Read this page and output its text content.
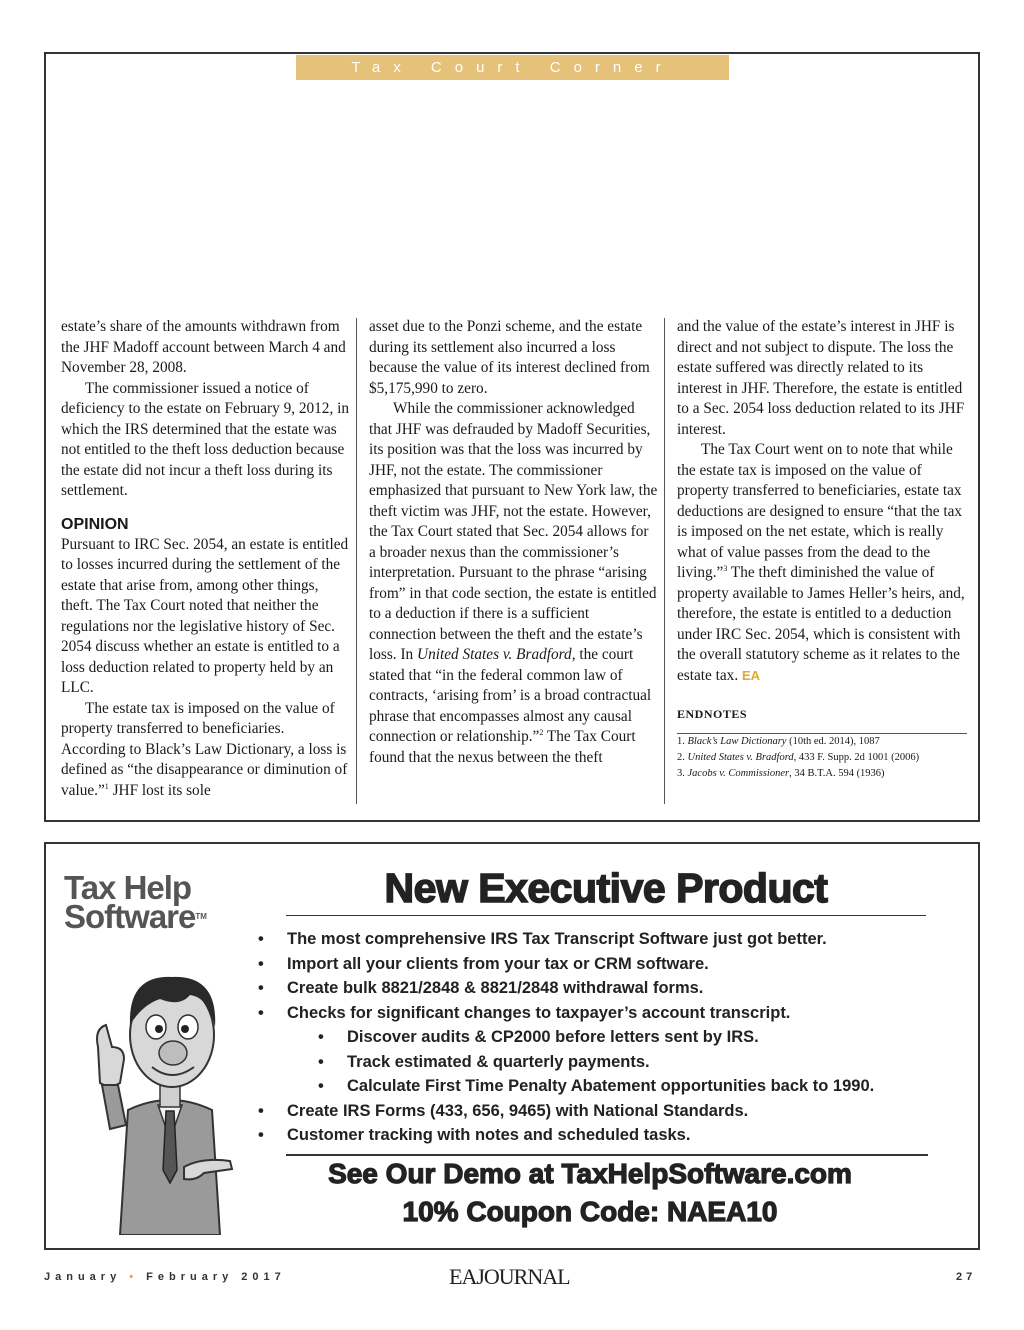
Tax Court Corner

estate’s share of the amounts withdrawn from the JHF Madoff account between March 4 and November 28, 2008.

The commissioner issued a notice of deficiency to the estate on February 9, 2012, in which the IRS determined that the estate was not entitled to the theft loss deduction because the estate did not incur a theft loss during its settlement.

OPINION

Pursuant to IRC Sec. 2054, an estate is entitled to losses incurred during the settlement of the estate that arise from, among other things, theft. The Tax Court noted that neither the regulations nor the legislative history of Sec. 2054 discuss whether an estate is entitled to a loss deduction related to property held by an LLC.

The estate tax is imposed on the value of property transferred to beneficiaries. According to Black’s Law Dictionary, a loss is defined as “the disappearance or diminution of value.”$^1$ JHF lost its sole

asset due to the Ponzi scheme, and the estate during its settlement also incurred a loss because the value of its interest declined from $5,175,990 to zero.

While the commissioner acknowledged that JHF was defrauded by Madoff Securities, its position was that the loss was incurred by JHF, not the estate. The commissioner emphasized that pursuant to New York law, the theft victim was JHF, not the estate. However, the Tax Court stated that Sec. 2054 allows for a broader nexus than the commissioner’s interpretation. Pursuant to the phrase “arising from” in that code section, the estate is entitled to a deduction if there is a sufficient connection between the theft and the estate’s loss. In United States v. Bradford, the court stated that “in the federal common law of contracts, ‘arising from’ is a broad contractual phrase that encompasses almost any causal connection or relationship.”$^2$ The Tax Court found that the nexus between the theft

and the value of the estate’s interest in JHF is direct and not subject to dispute. The loss the estate suffered was directly related to its interest in JHF. Therefore, the estate is entitled to a Sec. 2054 loss deduction related to its JHF interest.

The Tax Court went on to note that while the estate tax is imposed on the value of property transferred to beneficiaries, estate tax deductions are designed to ensure “that the tax is imposed on the net estate, which is really what of value passes from the dead to the living.”$^3$ The theft diminished the value of property available to James Heller’s heirs, and, therefore, the estate is entitled to a deduction under IRC Sec. 2054, which is consistent with the overall statutory scheme as it relates to the estate tax. EA

ENDNOTES
1. Black’s Law Dictionary (10th ed. 2014), 1087
2. United States v. Bradford, 433 F. Supp. 2d 1001 (2006)
3. Jacobs v. Commissioner, 34 B.T.A. 594 (1936)
Tax Help
SoftwareTM
New Executive Product
• The most comprehensive IRS Tax Transcript Software just got better.
• Import all your clients from your tax or CRM software.
• Create bulk 8821/2848 & 8821/2848 withdrawal forms.
• Checks for significant changes to taxpayer’s account transcript.
• Discover audits & CP2000 before letters sent by IRS.
• Track estimated & quarterly payments.
• Calculate First Time Penalty Abatement opportunities back to 1990.
• Create IRS Forms (433, 656, 9465) with National Standards.
• Customer tracking with notes and scheduled tasks.
See Our Demo at TaxHelpSoftware.com
10% Coupon Code: NAEA10
January • February 2017	EAJOURNAL	27
